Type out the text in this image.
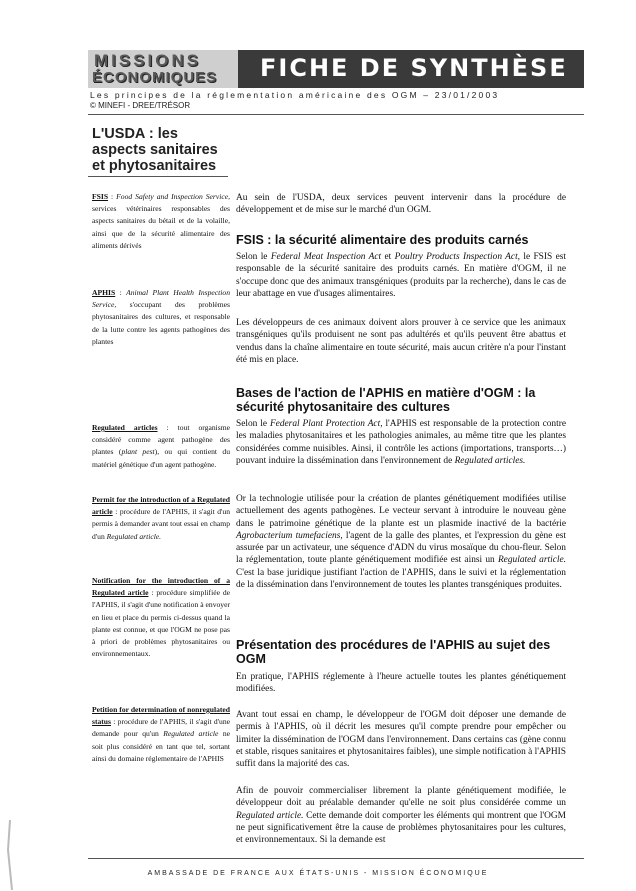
MISSIONS
ÉCONOMIQUES FICHE DE SYNTHÈSE
Les principes de la réglementation américaine des OGM – 23/01/2003
© MINEFI - DREE/TRÉSOR
L'USDA : les aspects sanitaires et phytosanitaires
FSIS : Food Safety and Inspection Service, services vétérinaires responsables des aspects sanitaires du bétail et de la volaille, ainsi que de la sécurité alimentaire des aliments dérivés
APHIS : Animal Plant Health Inspection Service, s'occupant des problèmes phytosanitaires des cultures, et responsable de la lutte contre les agents pathogènes des plantes
Regulated articles : tout organisme considéré comme agent pathogène des plantes (plant pest), ou qui contient du matériel génétique d'un agent pathogène.
Permit for the introduction of a Regulated article : procédure de l'APHIS, il s'agit d'un permis à demander avant tout essai en champ d'un Regulated article.
Notification for the introduction of a Regulated article : procédure simplifiée de l'APHIS, il s'agit d'une notification à envoyer en lieu et place du permis ci-dessus quand la plante est connue, et que l'OGM ne pose pas à priori de problèmes phytosanitaires ou environnementaux.
Petition for determination of nonregulated status : procédure de l'APHIS, il s'agit d'une demande pour qu'un Regulated article ne soit plus considéré en tant que tel, sortant ainsi du domaine réglementaire de l'APHIS
Au sein de l'USDA, deux services peuvent intervenir dans la procédure de développement et de mise sur le marché d'un OGM.
FSIS : la sécurité alimentaire des produits carnés
Selon le Federal Meat Inspection Act et Poultry Products Inspection Act, le FSIS est responsable de la sécurité sanitaire des produits carnés. En matière d'OGM, il ne s'occupe donc que des animaux transgéniques (produits par la recherche), dans le cas de leur abattage en vue d'usages alimentaires.
Les développeurs de ces animaux doivent alors prouver à ce service que les animaux transgéniques qu'ils produisent ne sont pas adultérés et qu'ils peuvent être abattus et vendus dans la chaîne alimentaire en toute sécurité, mais aucun critère n'a pour l'instant été mis en place.
Bases de l'action de l'APHIS en matière d'OGM : la sécurité phytosanitaire des cultures
Selon le Federal Plant Protection Act, l'APHIS est responsable de la protection contre les maladies phytosanitaires et les pathologies animales, au même titre que les plantes considérées comme nuisibles. Ainsi, il contrôle les actions (importations, transports…) pouvant induire la dissémination dans l'environnement de Regulated articles.
Or la technologie utilisée pour la création de plantes génétiquement modifiées utilise actuellement des agents pathogènes. Le vecteur servant à introduire le nouveau gène dans le patrimoine génétique de la plante est un plasmide inactivé de la bactérie Agrobacterium tumefaciens, l'agent de la galle des plantes, et l'expression du gène est assurée par un activateur, une séquence d'ADN du virus mosaïque du chou-fleur. Selon la réglementation, toute plante génétiquement modifiée est ainsi un Regulated article. C'est la base juridique justifiant l'action de l'APHIS, dans le suivi et la réglementation de la dissémination dans l'environnement de toutes les plantes transgéniques produites.
Présentation des procédures de l'APHIS au sujet des OGM
En pratique, l'APHIS réglemente à l'heure actuelle toutes les plantes génétiquement modifiées.
Avant tout essai en champ, le développeur de l'OGM doit déposer une demande de permis à l'APHIS, où il décrit les mesures qu'il compte prendre pour empêcher ou limiter la dissémination de l'OGM dans l'environnement. Dans certains cas (gène connu et stable, risques sanitaires et phytosanitaires faibles), une simple notification à l'APHIS suffit dans la majorité des cas.
Afin de pouvoir commercialiser librement la plante génétiquement modifiée, le développeur doit au préalable demander qu'elle ne soit plus considérée comme un Regulated article. Cette demande doit comporter les éléments qui montrent que l'OGM ne peut significativement être la cause de problèmes phytosanitaires pour les cultures, et environnementaux. Si la demande est
AMBASSADE DE FRANCE AUX ÉTATS-UNIS - MISSION ÉCONOMIQUE
